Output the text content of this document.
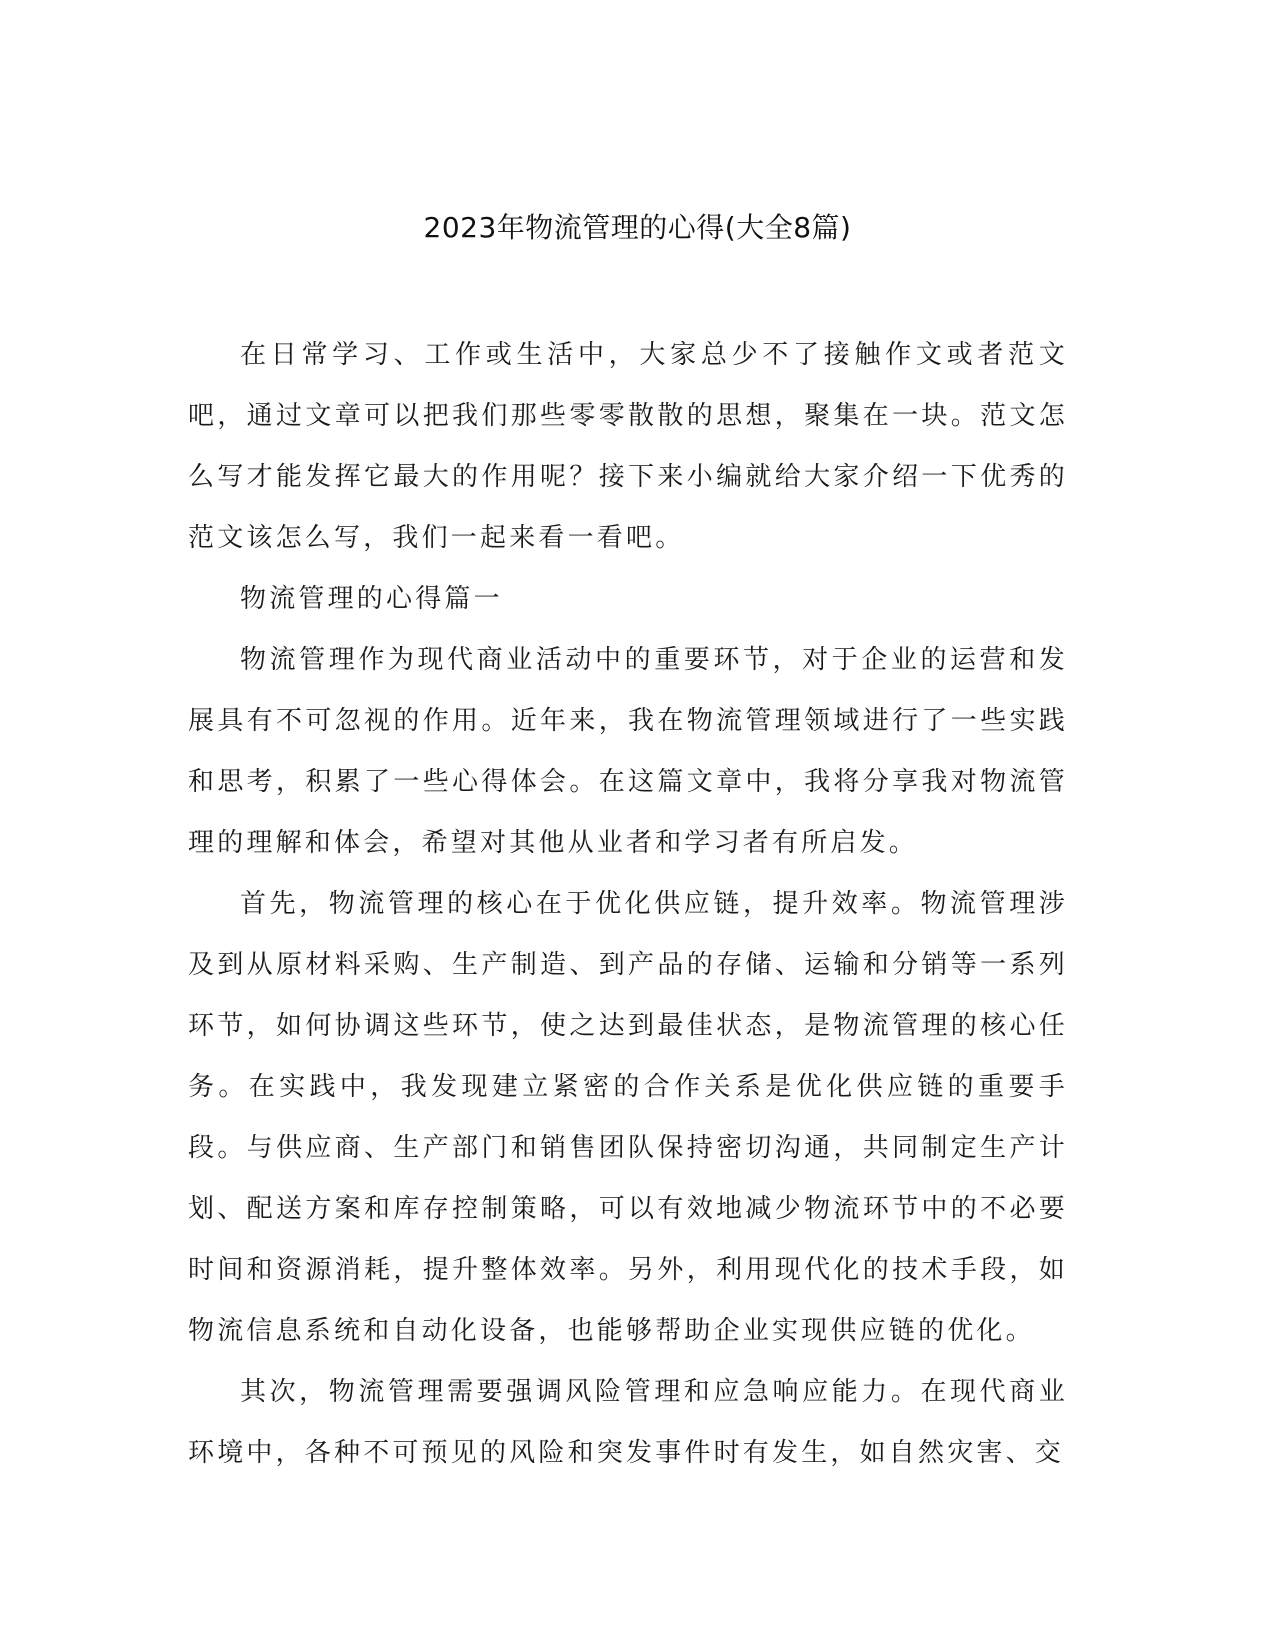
2023年物流管理的心得(大全8篇)

在日常学习、工作或生活中，大家总少不了接触作文或者范文吧，通过文章可以把我们那些零零散散的思想，聚集在一块。范文怎么写才能发挥它最大的作用呢？接下来小编就给大家介绍一下优秀的范文该怎么写，我们一起来看一看吧。

物流管理的心得篇一

物流管理作为现代商业活动中的重要环节，对于企业的运营和发展具有不可忽视的作用。近年来，我在物流管理领域进行了一些实践和思考，积累了一些心得体会。在这篇文章中，我将分享我对物流管理的理解和体会，希望对其他从业者和学习者有所启发。

首先，物流管理的核心在于优化供应链，提升效率。物流管理涉及到从原材料采购、生产制造、到产品的存储、运输和分销等一系列环节，如何协调这些环节，使之达到最佳状态，是物流管理的核心任务。在实践中，我发现建立紧密的合作关系是优化供应链的重要手段。与供应商、生产部门和销售团队保持密切沟通，共同制定生产计划、配送方案和库存控制策略，可以有效地减少物流环节中的不必要时间和资源消耗，提升整体效率。另外，利用现代化的技术手段，如物流信息系统和自动化设备，也能够帮助企业实现供应链的优化。

其次，物流管理需要强调风险管理和应急响应能力。在现代商业环境中，各种不可预见的风险和突发事件时有发生，如自然灾害、交
